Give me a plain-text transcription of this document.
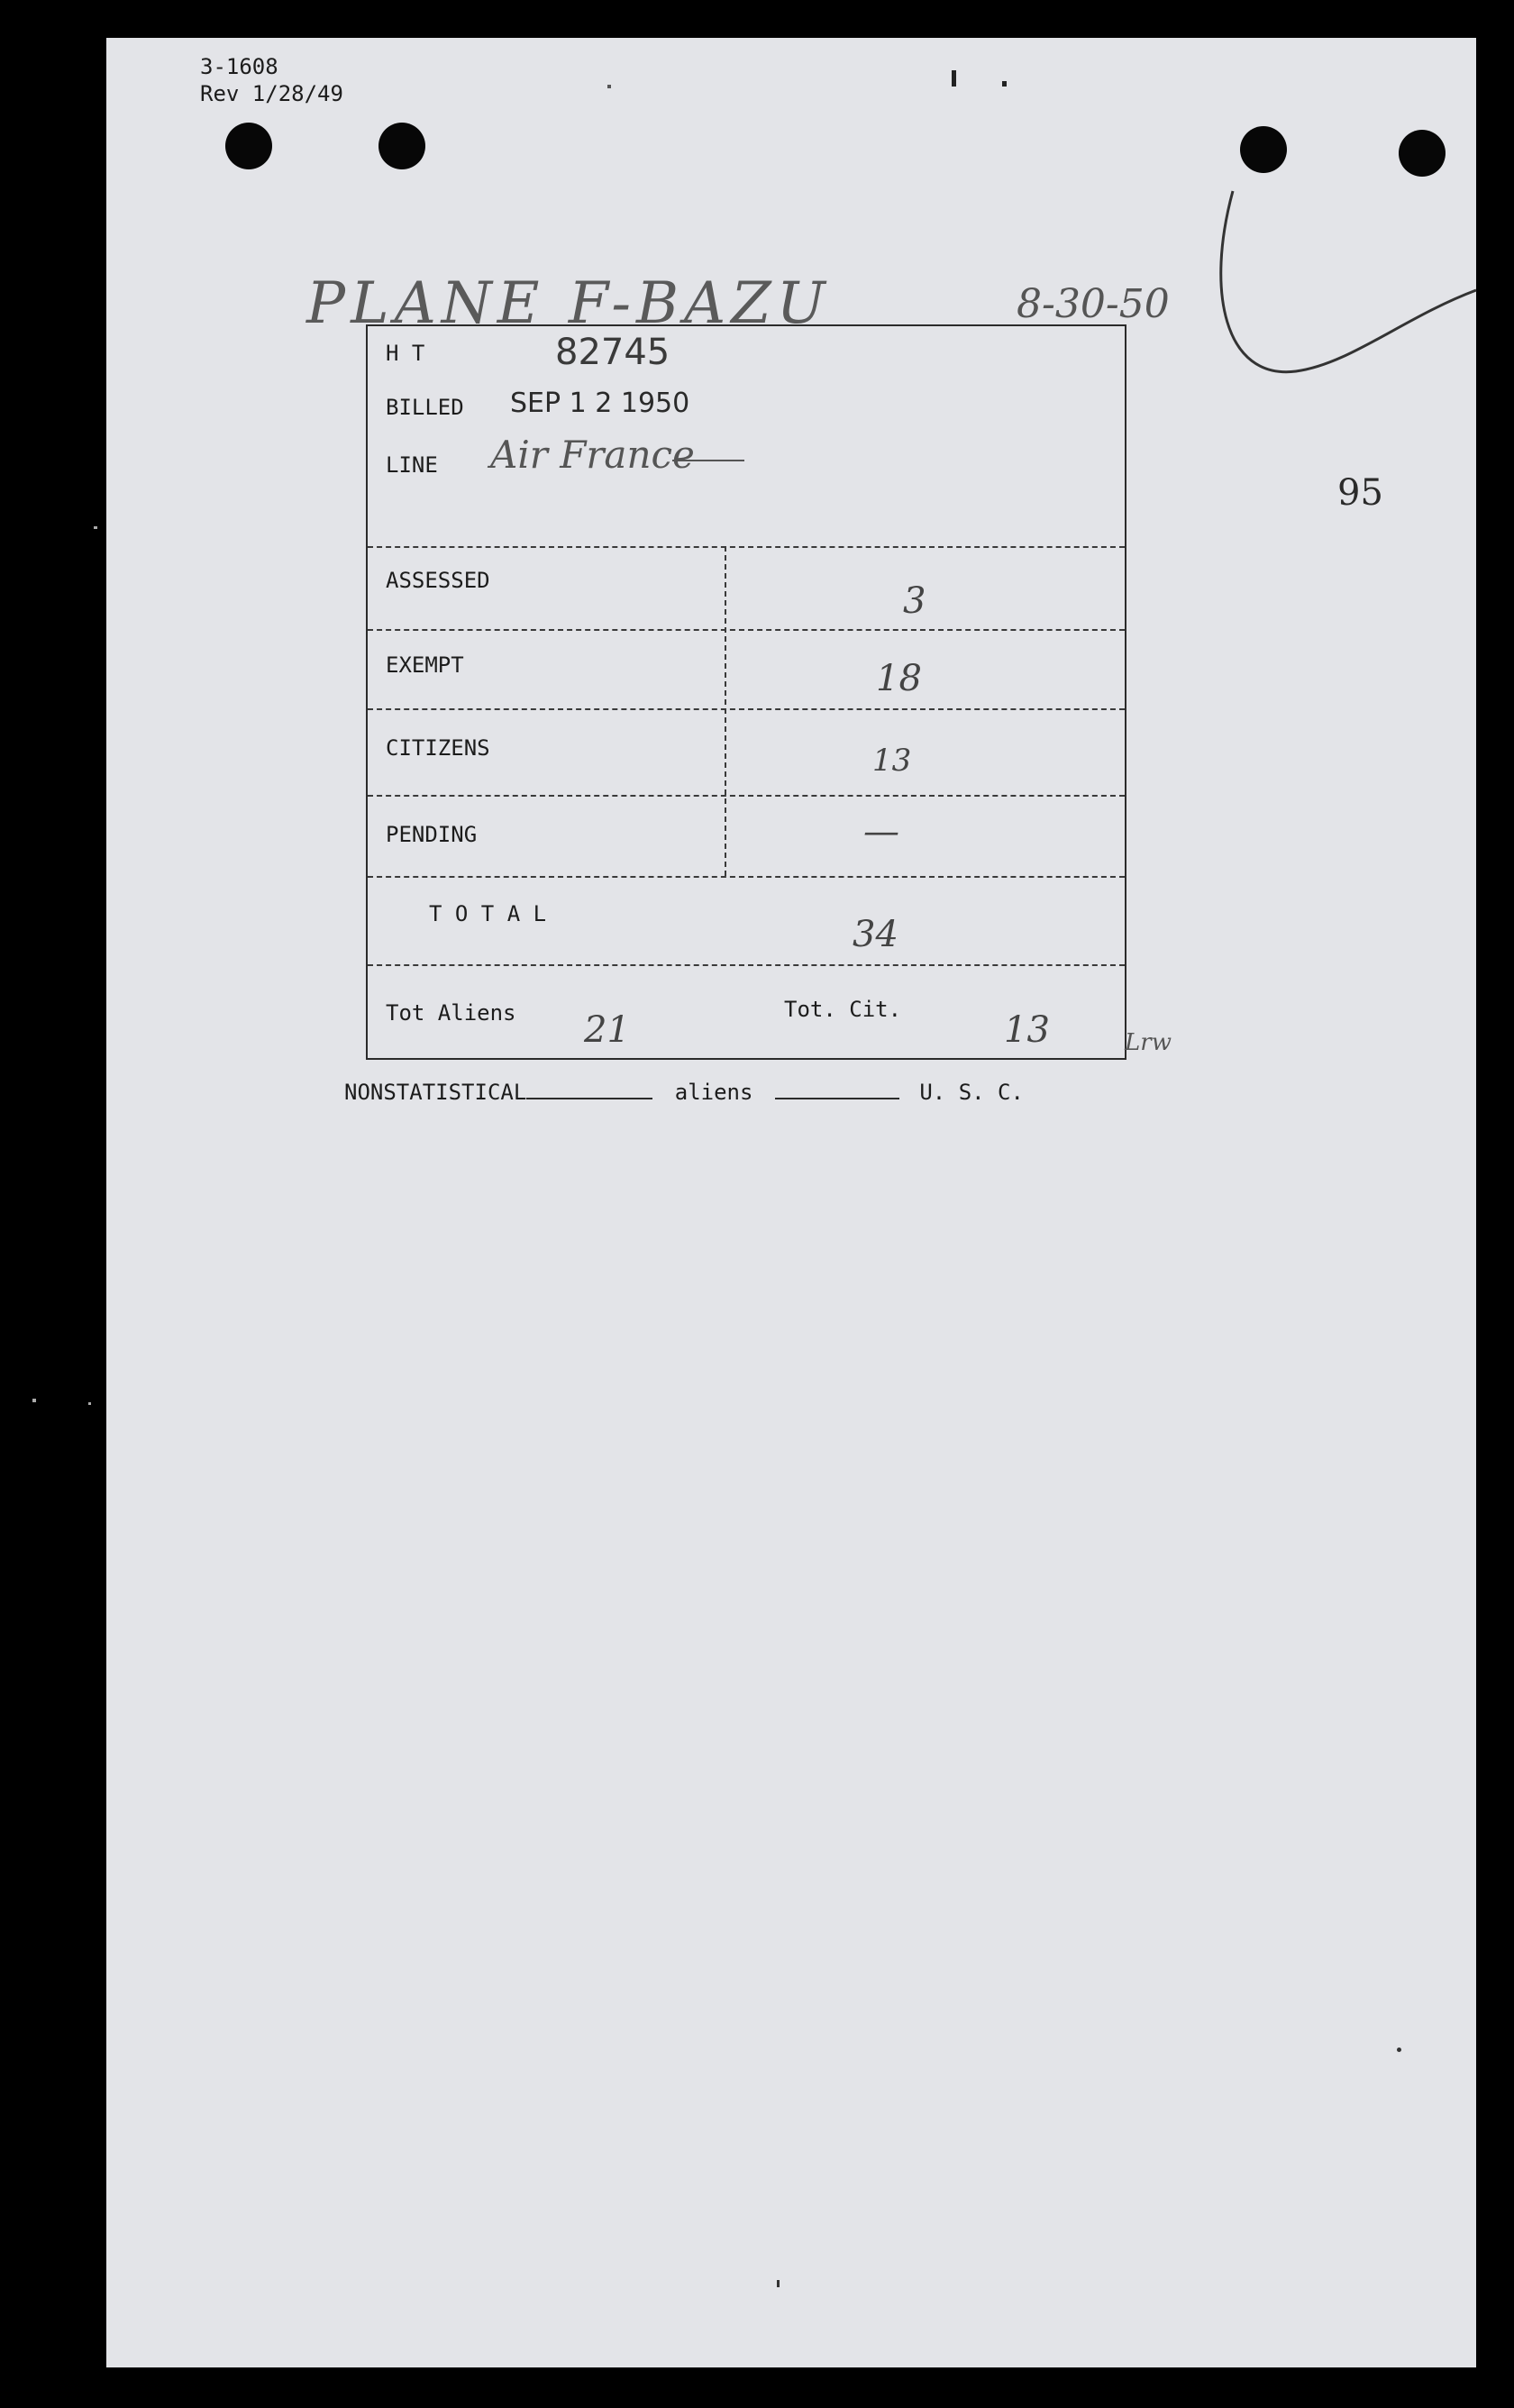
3-1608
Rev 1/28/49
PLANE F-BAZU	8-30-50
95
H T	82745
BILLED SEP 1 2 1950
LINE Air France
ASSESSED	3
EXEMPT	18
CITIZENS	13
PENDING	—
T O T A L	34
Tot Aliens 21	Tot. Cit.	13	Lrw
NONSTATISTICAL	aliens	U. S. C.
